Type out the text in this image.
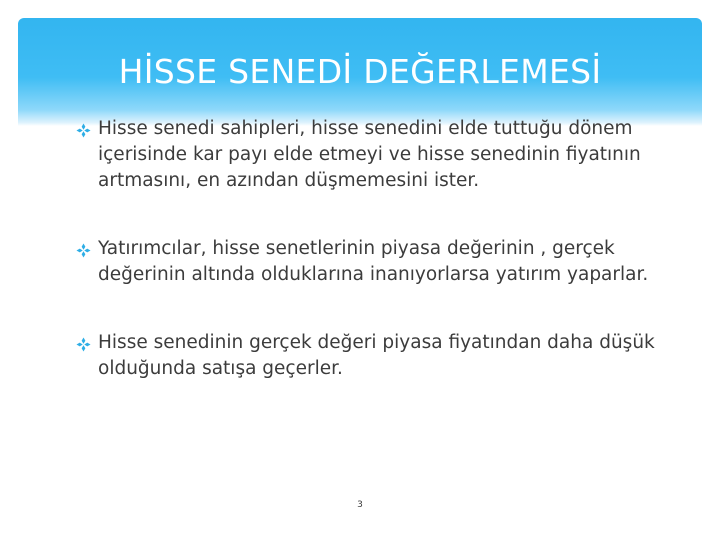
HİSSE SENEDİ DEĞERLEMESİ

Hisse senedi sahipleri, hisse senedini elde tuttuğu dönem içerisinde kar payı elde etmeyi ve hisse senedinin fiyatının artmasını, en azından düşmemesini ister.

Yatırımcılar, hisse senetlerinin piyasa değerinin , gerçek değerinin altında olduklarına inanıyorlarsa yatırım yaparlar.

Hisse senedinin gerçek değeri piyasa fiyatından daha düşük olduğunda satışa geçerler.

3
